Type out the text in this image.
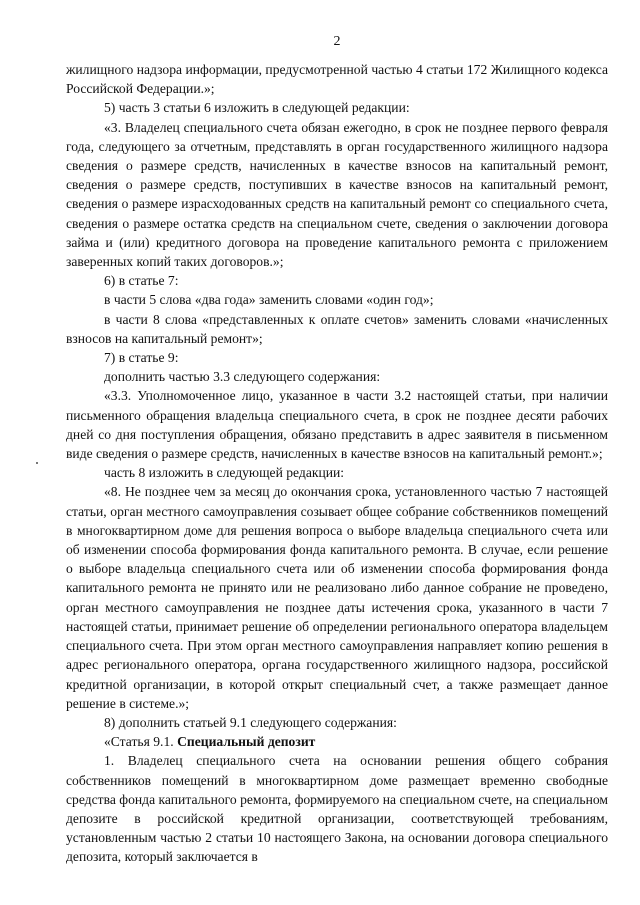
2

жилищного надзора информации, предусмотренной частью 4 статьи 172 Жилищного кодекса Российской Федерации.»;

5) часть 3 статьи 6 изложить в следующей редакции:

«3. Владелец специального счета обязан ежегодно, в срок не позднее первого февраля года, следующего за отчетным, представлять в орган государственного жилищного надзора сведения о размере средств, начисленных в качестве взносов на капитальный ремонт, сведения о размере средств, поступивших в качестве взносов на капитальный ремонт, сведения о размере израсходованных средств на капитальный ремонт со специального счета, сведения о размере остатка средств на специальном счете, сведения о заключении договора займа и (или) кредитного договора на проведение капитального ремонта с приложением заверенных копий таких договоров.»;

6) в статье 7:

в части 5 слова «два года» заменить словами «один год»;

в части 8 слова «представленных к оплате счетов» заменить словами «начисленных взносов на капитальный ремонт»;

7) в статье 9:

дополнить частью 3.3 следующего содержания:

«3.3. Уполномоченное лицо, указанное в части 3.2 настоящей статьи, при наличии письменного обращения владельца специального счета, в срок не позднее десяти рабочих дней со дня поступления обращения, обязано представить в адрес заявителя в письменном виде сведения о размере средств, начисленных в качестве взносов на капитальный ремонт.»;

часть 8 изложить в следующей редакции:

«8. Не позднее чем за месяц до окончания срока, установленного частью 7 настоящей статьи, орган местного самоуправления созывает общее собрание собственников помещений в многоквартирном доме для решения вопроса о выборе владельца специального счета или об изменении способа формирования фонда капитального ремонта. В случае, если решение о выборе владельца специального счета или об изменении способа формирования фонда капитального ремонта не принято или не реализовано либо данное собрание не проведено, орган местного самоуправления не позднее даты истечения срока, указанного в части 7 настоящей статьи, принимает решение об определении регионального оператора владельцем специального счета. При этом орган местного самоуправления направляет копию решения в адрес регионального оператора, органа государственного жилищного надзора, российской кредитной организации, в которой открыт специальный счет, а также размещает данное решение в системе.»;

8) дополнить статьей 9.1 следующего содержания:

«Статья 9.1. Специальный депозит

1. Владелец специального счета на основании решения общего собрания собственников помещений в многоквартирном доме размещает временно свободные средства фонда капитального ремонта, формируемого на специальном счете, на специальном депозите в российской кредитной организации, соответствующей требованиям, установленным частью 2 статьи 10 настоящего Закона, на основании договора специального депозита, который заключается в
